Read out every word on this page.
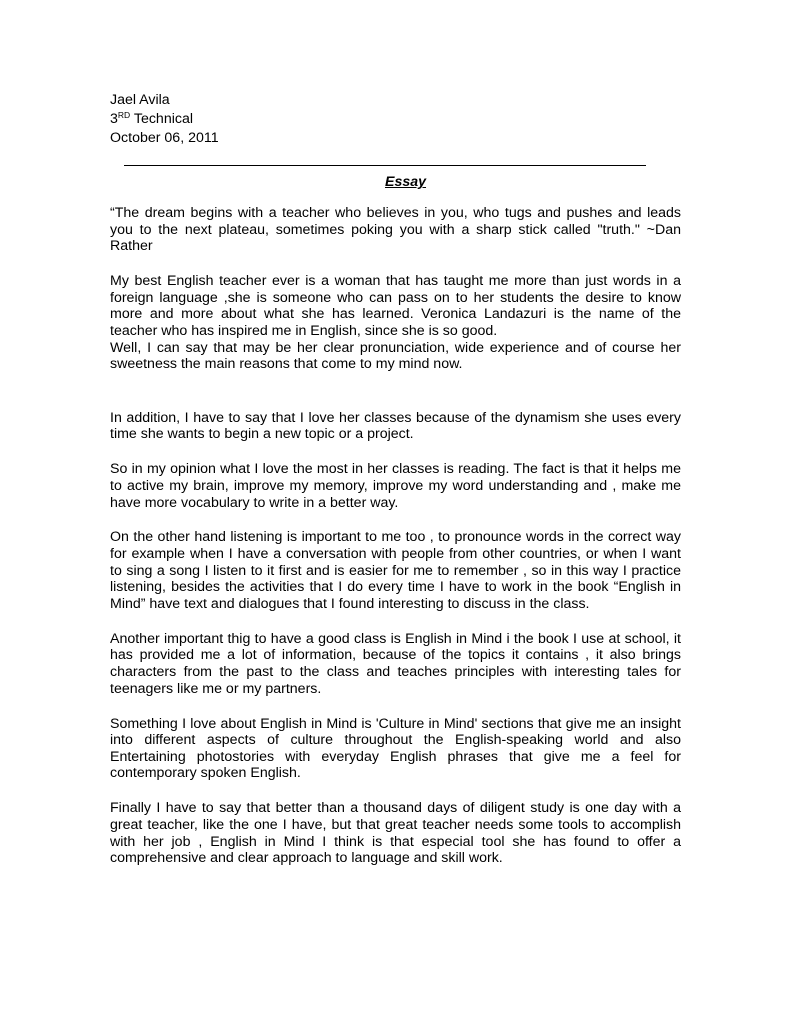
Jael Avila
3RD Technical
October 06, 2011
Essay

“The dream begins with a teacher who believes in you, who tugs and pushes and leads you to the next plateau, sometimes poking you with a sharp stick called "truth." ~Dan Rather

My best English teacher ever is a woman that has taught me more than just words in a foreign language ,she is someone who can pass on to her students the desire to know more and more about what she has learned. Veronica Landazuri is the name of the teacher who has inspired me in English, since she is so good.

Well, I can say that may be her clear pronunciation, wide experience and of course her sweetness the main reasons that come to my mind now.

In addition, I have to say that I love her classes because of the dynamism she uses every time she wants to begin a new topic or a project.

So in my opinion what I love the most in her classes is reading. The fact is that it helps me to active my brain, improve my memory, improve my word understanding and , make me have more vocabulary to write in a better way.

On the other hand listening is important to me too , to pronounce words in the correct way for example when I have a conversation with people from other countries, or when I want to sing a song I listen to it first and is easier for me to remember , so in this way I practice listening, besides the activities that I do every time I have to work in the book “English in Mind” have text and dialogues that I found interesting to discuss in the class.

Another important thig to have a good class is English in Mind i the book I use at school, it has provided me a lot of information, because of the topics it contains , it also brings characters from the past to the class and teaches principles with interesting tales for teenagers like me or my partners.

Something I love about English in Mind is 'Culture in Mind' sections that give me an insight into different aspects of culture throughout the English-speaking world and also Entertaining photostories with everyday English phrases that give me a feel for contemporary spoken English.

Finally I have to say that better than a thousand days of diligent study is one day with a great teacher, like the one I have, but that great teacher needs some tools to accomplish with her job , English in Mind I think is that especial tool she has found to offer a comprehensive and clear approach to language and skill work.
